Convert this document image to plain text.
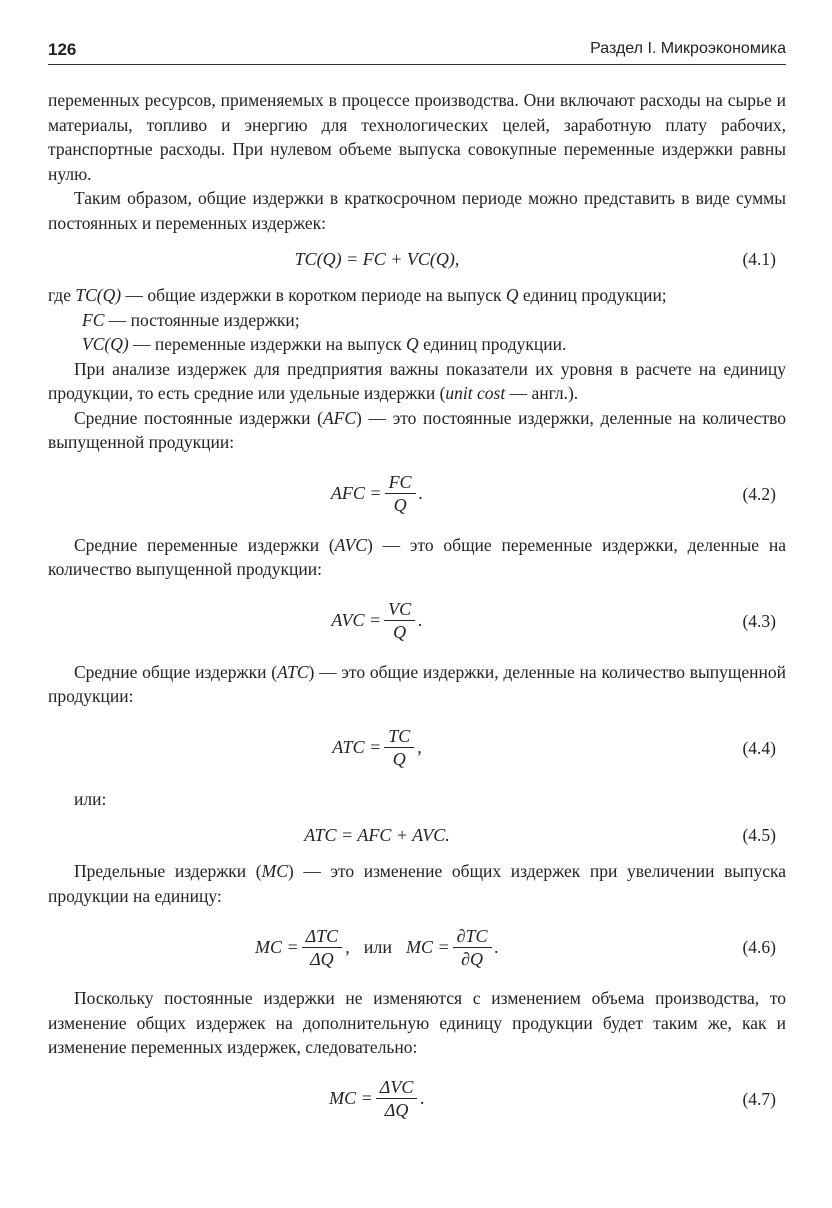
126	Раздел I. Микроэкономика

переменных ресурсов, применяемых в процессе производства. Они включают расходы на сырье и материалы, топливо и энергию для технологических целей, заработную плату рабочих, транспортные расходы. При нулевом объеме выпуска совокупные переменные издержки равны нулю.

Таким образом, общие издержки в краткосрочном периоде можно представить в виде суммы постоянных и переменных издержек:

TC(Q) = FC + VC(Q),	(4.1)

где TC(Q) — общие издержки в коротком периоде на выпуск Q единиц продукции;

FC — постоянные издержки;

VC(Q) — переменные издержки на выпуск Q единиц продукции.

При анализе издержек для предприятия важны показатели их уровня в расчете на единицу продукции, то есть средние или удельные издержки (unit cost — англ.).

Средние постоянные издержки (AFC) — это постоянные издержки, деленные на количество выпущенной продукции:

AFC = $\frac{FC}{Q}$ .	(4.2)

Средние переменные издержки (AVC) — это общие переменные издержки, деленные на количество выпущенной продукции:

AVC = $\frac{VC}{Q}$ .	(4.3)

Средние общие издержки (ATC) — это общие издержки, деленные на количество выпущенной продукции:

ATC = $\frac{TC}{Q}$ ,	(4.4)

или:

ATC = AFC + AVC.	(4.5)

Предельные издержки (MC) — это изменение общих издержек при увеличении выпуска продукции на единицу:

MC = $\frac{\text{ΔTC}}{\Delta Q}$ , или MC = $\frac{\partial TC}{\partial Q}$ .	(4.6)

Поскольку постоянные издержки не изменяются с изменением объема производства, то изменение общих издержек на дополнительную единицу продукции будет таким же, как и изменение переменных издержек, следовательно:

MC = $\frac{\text{ΔVC}}{\Delta Q}$ .	(4.7)
